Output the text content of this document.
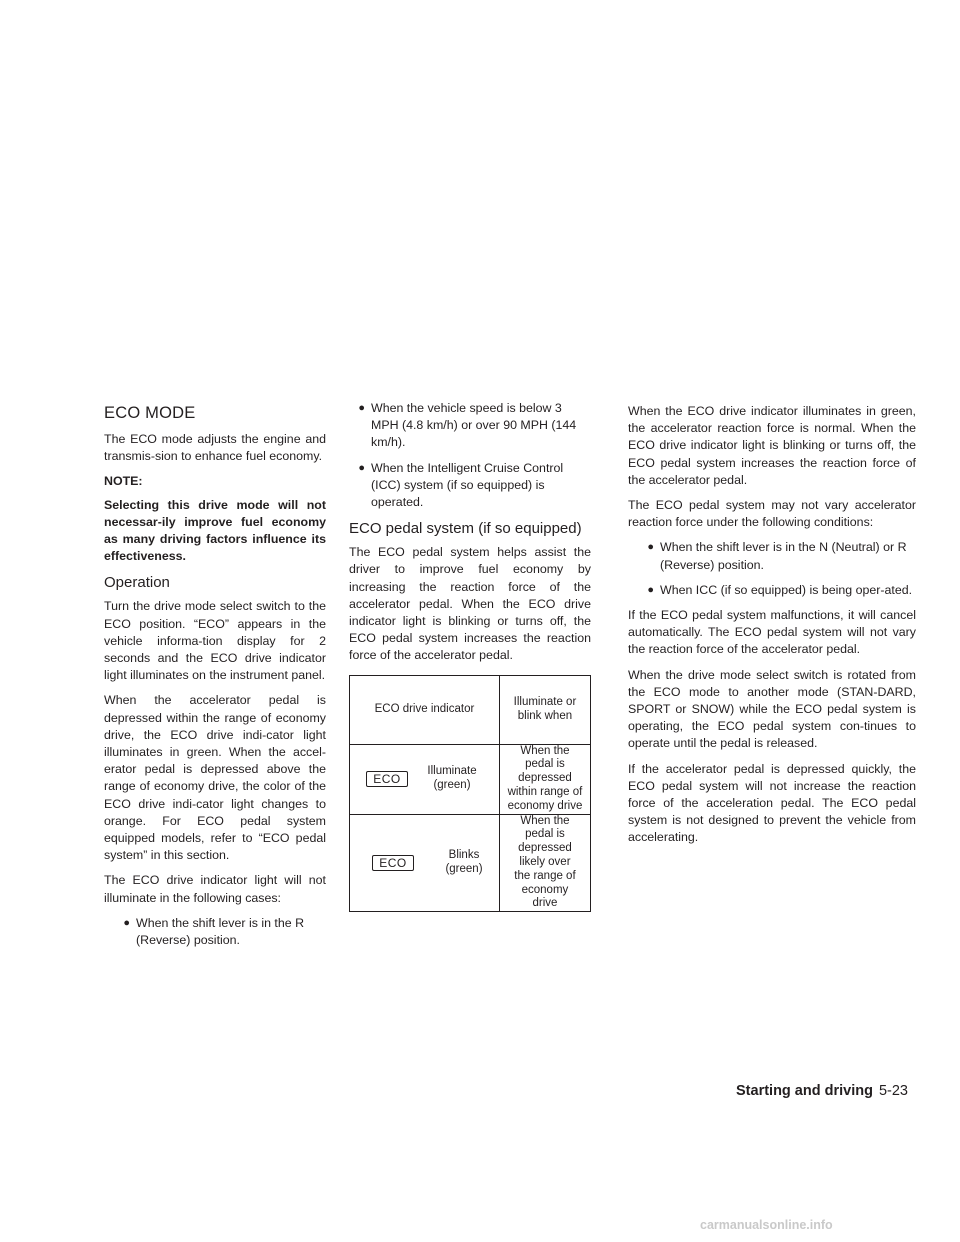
ECO MODE

The ECO mode adjusts the engine and transmis-sion to enhance fuel economy.

NOTE:

Selecting this drive mode will not necessar-ily improve fuel economy as many driving factors influence its effectiveness.

Operation

Turn the drive mode select switch to the ECO position. “ECO” appears in the vehicle informa-tion display for 2 seconds and the ECO drive indicator light illuminates on the instrument panel.

When the accelerator pedal is depressed within the range of economy drive, the ECO drive indi-cator light illuminates in green. When the accel-erator pedal is depressed above the range of economy drive, the color of the ECO drive indi-cator light changes to orange. For ECO pedal system equipped models, refer to “ECO pedal system” in this section.

The ECO drive indicator light will not illuminate in the following cases:

● When the shift lever is in the R (Reverse) position.
● When the vehicle speed is below 3 MPH (4.8 km/h) or over 90 MPH (144 km/h).
● When the Intelligent Cruise Control (ICC) system (if so equipped) is operated.
ECO pedal system (if so equipped)

The ECO pedal system helps assist the driver to improve fuel economy by increasing the reaction force of the accelerator pedal. When the ECO drive indicator light is blinking or turns off, the ECO pedal system increases the reaction force of the accelerator pedal.

ECO drive indicator	Illuminate or blink when

ECO
Illuminate (green)	When the pedal is depressed within range of economy drive

ECO
Blinks (green)	When the pedal is depressed likely over the range of economy drive

When the ECO drive indicator illuminates in green, the accelerator reaction force is normal. When the ECO drive indicator light is blinking or turns off, the ECO pedal system increases the reaction force of the accelerator pedal.

The ECO pedal system may not vary accelerator reaction force under the following conditions:

● When the shift lever is in the N (Neutral) or R (Reverse) position.
● When ICC (if so equipped) is being oper-ated.

If the ECO pedal system malfunctions, it will cancel automatically. The ECO pedal system will not vary the reaction force of the accelerator pedal.

When the drive mode select switch is rotated from the ECO mode to another mode (STAN-DARD, SPORT or SNOW) while the ECO pedal system is operating, the ECO pedal system con-tinues to operate until the pedal is released.

If the accelerator pedal is depressed quickly, the ECO pedal system will not increase the reaction force of the acceleration pedal. The ECO pedal system is not designed to prevent the vehicle from accelerating.

Starting and driving 5-23
carmanualsonline.info
